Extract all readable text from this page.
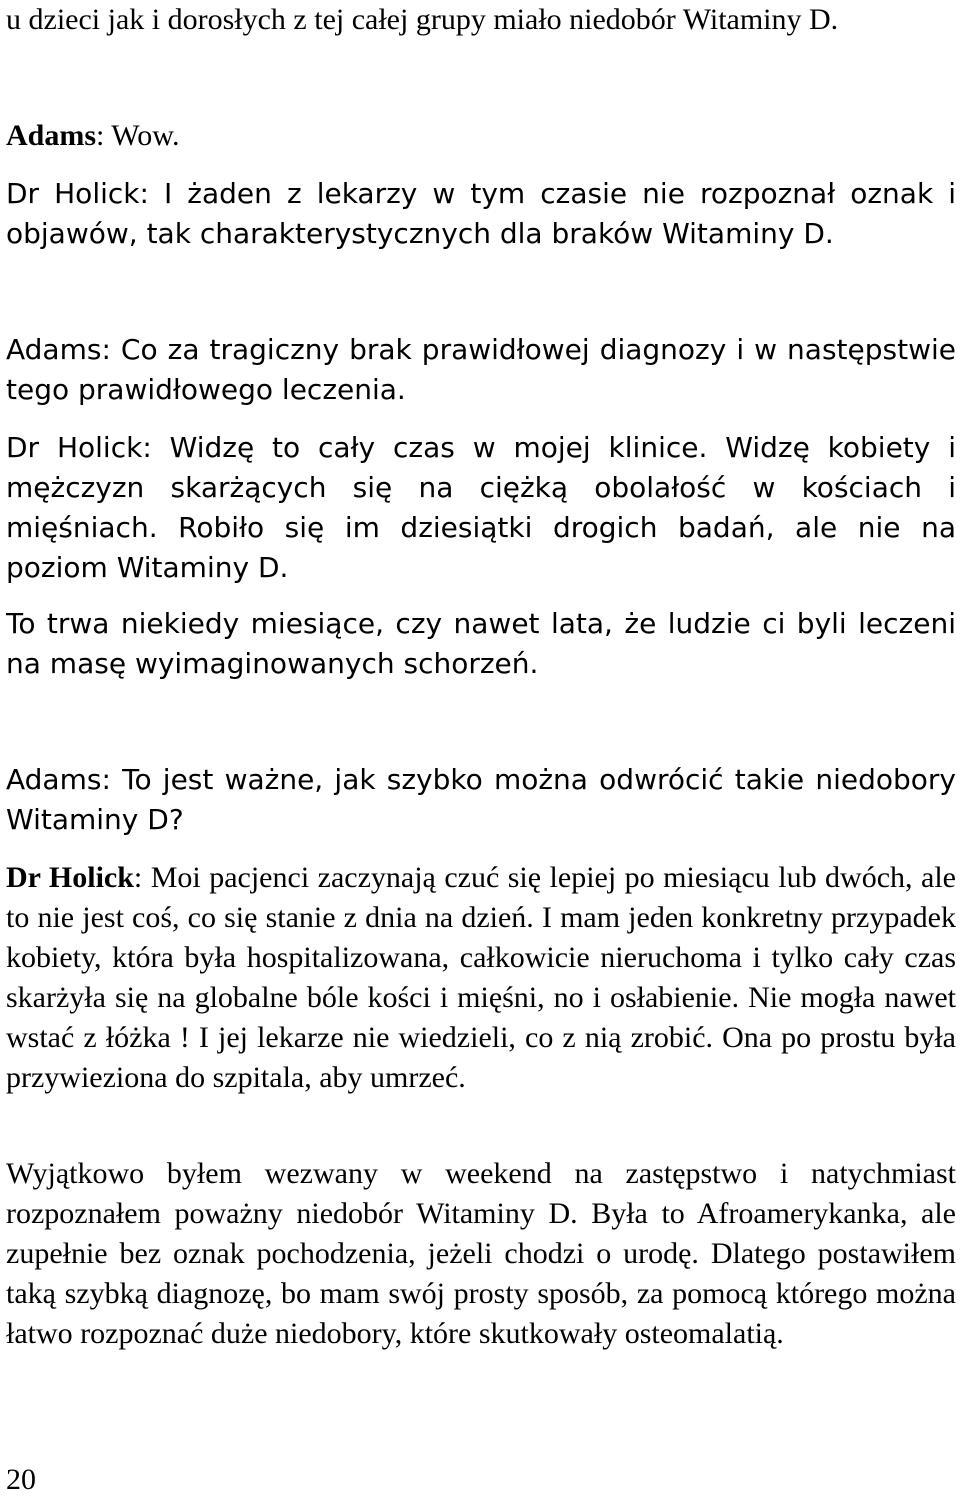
u dzieci jak i dorosłych z tej całej grupy miało niedobór Witaminy D.

Adams: Wow.

Dr Holick: I żaden z lekarzy w tym czasie nie rozpoznał oznak i objawów, tak charakterystycznych dla braków Witaminy D.

Adams: Co za tragiczny brak prawidłowej diagnozy i w następstwie tego prawidłowego leczenia.

Dr Holick: Widzę to cały czas w mojej klinice. Widzę kobiety i mężczyzn skarżących się na ciężką obolałość w kościach i mięśniach. Robiło się im dziesiątki drogich badań, ale nie na poziom Witaminy D.

To trwa niekiedy miesiące, czy nawet lata, że ludzie ci byli leczeni na masę wyimaginowanych schorzeń.

Adams: To jest ważne, jak szybko można odwrócić takie niedobory Witaminy D?

Dr Holick: Moi pacjenci zaczynają czuć się lepiej po miesiącu lub dwóch, ale to nie jest coś, co się stanie z dnia na dzień. I mam jeden konkretny przypadek kobiety, która była hospitalizowana, całkowicie nieruchoma i tylko cały czas skarżyła się na globalne bóle kości i mięśni, no i osłabienie. Nie mogła nawet wstać z łóżka ! I jej lekarze nie wiedzieli, co z nią zrobić. Ona po prostu była przywieziona do szpitala, aby umrzeć.

Wyjątkowo byłem wezwany w weekend na zastępstwo i natychmiast rozpoznałem poważny niedobór Witaminy D. Była to Afroamerykanka, ale zupełnie bez oznak pochodzenia, jeżeli chodzi o urodę. Dlatego postawiłem taką szybką diagnozę, bo mam swój prosty sposób, za pomocą którego można łatwo rozpoznać duże niedobory, które skutkowały osteomalatią.

20
